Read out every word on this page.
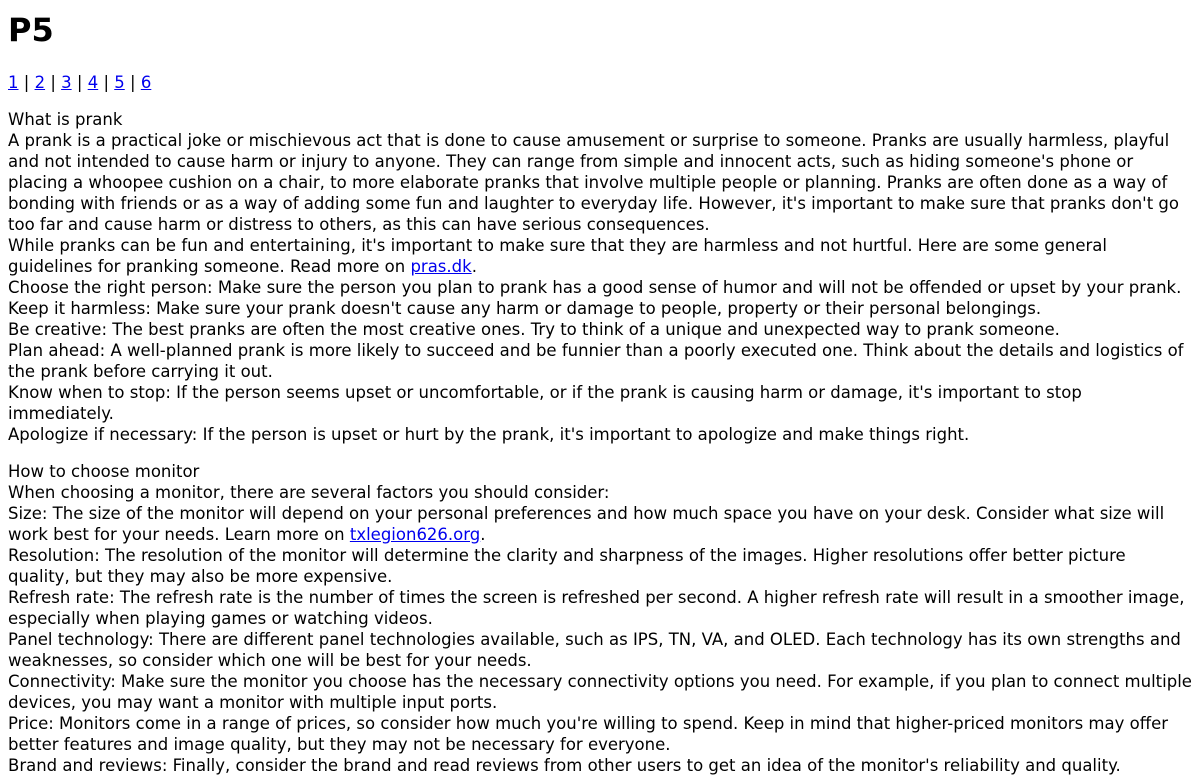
P5
1 | 2 | 3 | 4 | 5 | 6

What is prank

A prank is a practical joke or mischievous act that is done to cause amusement or surprise to someone. Pranks are usually harmless, playful and not intended to cause harm or injury to anyone. They can range from simple and innocent acts, such as hiding someone's phone or placing a whoopee cushion on a chair, to more elaborate pranks that involve multiple people or planning. Pranks are often done as a way of bonding with friends or as a way of adding some fun and laughter to everyday life. However, it's important to make sure that pranks don't go too far and cause harm or distress to others, as this can have serious consequences.

While pranks can be fun and entertaining, it's important to make sure that they are harmless and not hurtful. Here are some general guidelines for pranking someone. Read more on pras.dk.

Choose the right person: Make sure the person you plan to prank has a good sense of humor and will not be offended or upset by your prank.

Keep it harmless: Make sure your prank doesn't cause any harm or damage to people, property or their personal belongings.

Be creative: The best pranks are often the most creative ones. Try to think of a unique and unexpected way to prank someone.

Plan ahead: A well-planned prank is more likely to succeed and be funnier than a poorly executed one. Think about the details and logistics of the prank before carrying it out.

Know when to stop: If the person seems upset or uncomfortable, or if the prank is causing harm or damage, it's important to stop immediately.

Apologize if necessary: If the person is upset or hurt by the prank, it's important to apologize and make things right.

How to choose monitor

When choosing a monitor, there are several factors you should consider:

Size: The size of the monitor will depend on your personal preferences and how much space you have on your desk. Consider what size will work best for your needs. Learn more on txlegion626.org.

Resolution: The resolution of the monitor will determine the clarity and sharpness of the images. Higher resolutions offer better picture quality, but they may also be more expensive.

Refresh rate: The refresh rate is the number of times the screen is refreshed per second. A higher refresh rate will result in a smoother image, especially when playing games or watching videos.

Panel technology: There are different panel technologies available, such as IPS, TN, VA, and OLED. Each technology has its own strengths and weaknesses, so consider which one will be best for your needs.

Connectivity: Make sure the monitor you choose has the necessary connectivity options you need. For example, if you plan to connect multiple devices, you may want a monitor with multiple input ports.

Price: Monitors come in a range of prices, so consider how much you're willing to spend. Keep in mind that higher-priced monitors may offer better features and image quality, but they may not be necessary for everyone.

Brand and reviews: Finally, consider the brand and read reviews from other users to get an idea of the monitor's reliability and quality.
